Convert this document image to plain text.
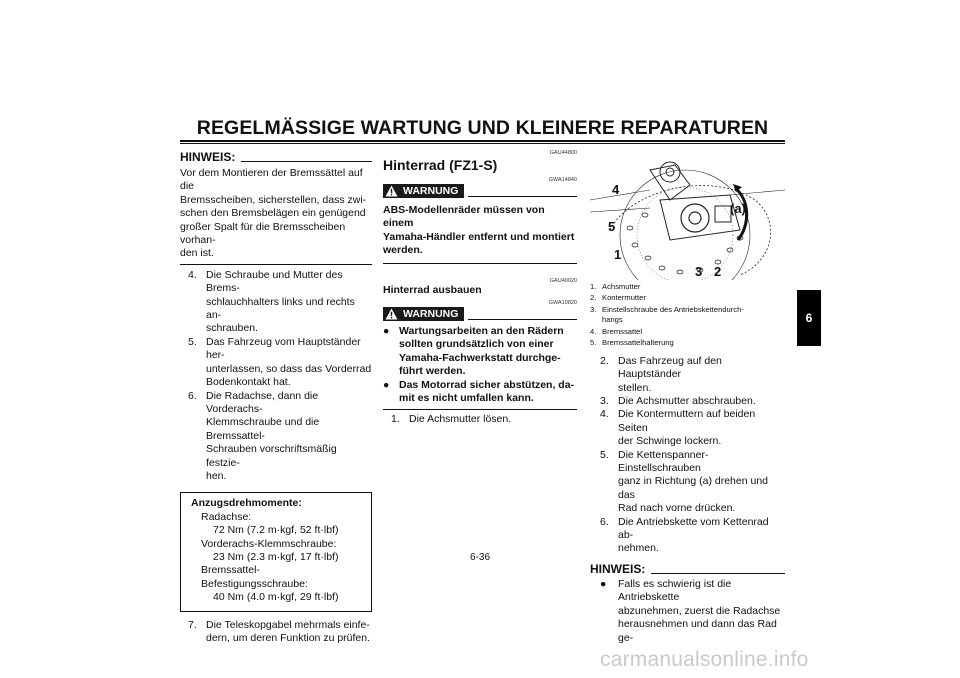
REGELMÄSSIGE WARTUNG UND KLEINERE REPARATUREN
HINWEIS:
Vor dem Montieren der Bremssättel auf die
Bremsscheiben, sicherstellen, dass zwi-
schen den Bremsbelägen ein genügend
großer Spalt für die Bremsscheiben vorhan-
den ist.
4. Die Schraube und Mutter des Brems-
schlauchhalters links und rechts an-
schrauben.
5. Das Fahrzeug vom Hauptständer her-
unterlassen, so dass das Vorderrad
Bodenkontakt hat.
6. Die Radachse, dann die Vorderachs-
Klemmschraube und die Bremssattel-
Schrauben vorschriftsmäßig festzie-
hen.
Anzugsdrehmomente:
Radachse:
72 Nm (7.2 m·kgf, 52 ft·lbf)
Vorderachs-Klemmschraube:
23 Nm (2.3 m·kgf, 17 ft·lbf)
Bremssattel-Befestigungsschraube:
40 Nm (4.0 m·kgf, 29 ft·lbf)
7. Die Teleskopgabel mehrmals einfe-
dern, um deren Funktion zu prüfen.
GAU44800
Hinterrad (FZ1-S)
GWA14840
WARNUNG
ABS-Modellenräder müssen von einem
Yamaha-Händler entfernt und montiert
werden.
GAU40020
Hinterrad ausbauen
GWA10820
WARNUNG
● Wartungsarbeiten an den Rädern
sollten grundsätzlich von einer
Yamaha-Fachwerkstatt durchge-
führt werden.
● Das Motorrad sicher abstützen, da-
mit es nicht umfallen kann.
1. Die Achsmutter lösen.
4
5
1
3 2
(a)
1. Achsmutter
2. Kontermutter
3. Einstellschraube des Antriebskettendurch-
hangs
4. Bremssattel
5. Bremssattelhalterung
2. Das Fahrzeug auf den Hauptständer
stellen.
3. Die Achsmutter abschrauben.
4. Die Kontermuttern auf beiden Seiten
der Schwinge lockern.
5. Die Kettenspanner-Einstellschrauben
ganz in Richtung (a) drehen und das
Rad nach vorne drücken.
6. Die Antriebskette vom Kettenrad ab-
nehmen.
HINWEIS:
● Falls es schwierig ist die Antriebskette
abzunehmen, zuerst die Radachse
herausnehmen und dann das Rad ge-
6
6-36
carmanualsonline.info
